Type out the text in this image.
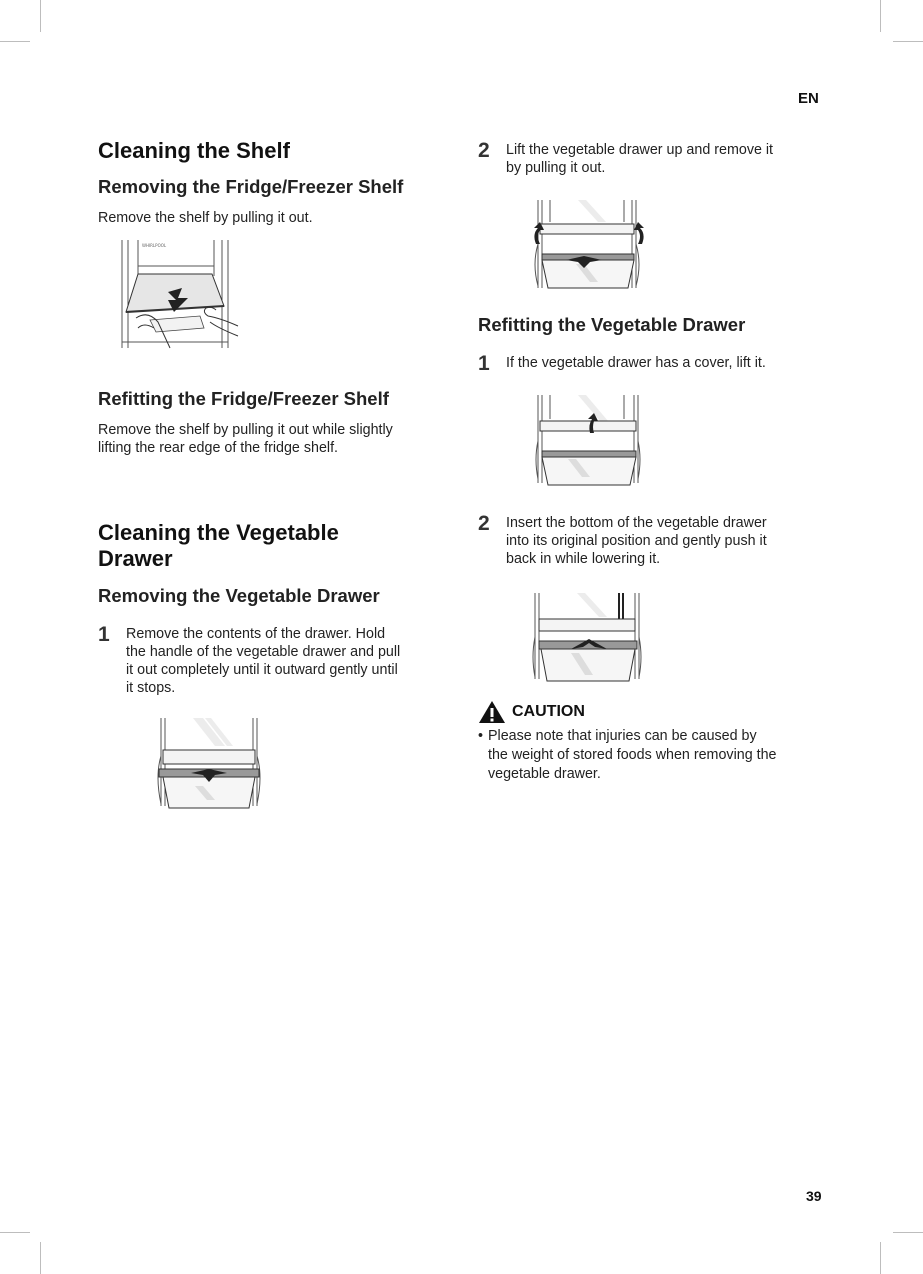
EN
Cleaning the Shelf
Removing the Fridge/Freezer Shelf

Remove the shelf by pulling it out.

WHIRLPOOL
Refitting the Fridge/Freezer Shelf

Remove the shelf by pulling it out while slightly

lifting the rear edge of the fridge shelf.

Cleaning the Vegetable
Drawer
Removing the Vegetable Drawer
1 Remove the contents of the drawer. Hold

the handle of the vegetable drawer and pull

it out completely until it outward gently until

it stops.

2 Lift the vegetable drawer up and remove it

by pulling it out.

Refitting the Vegetable Drawer
1 If the vegetable drawer has a cover, lift it.

2 Insert the bottom of the vegetable drawer

into its original position and gently push it

back in while lowering it.

CAUTION
• Please note that injuries can be caused by
the weight of stored foods when removing the
vegetable drawer.
39
